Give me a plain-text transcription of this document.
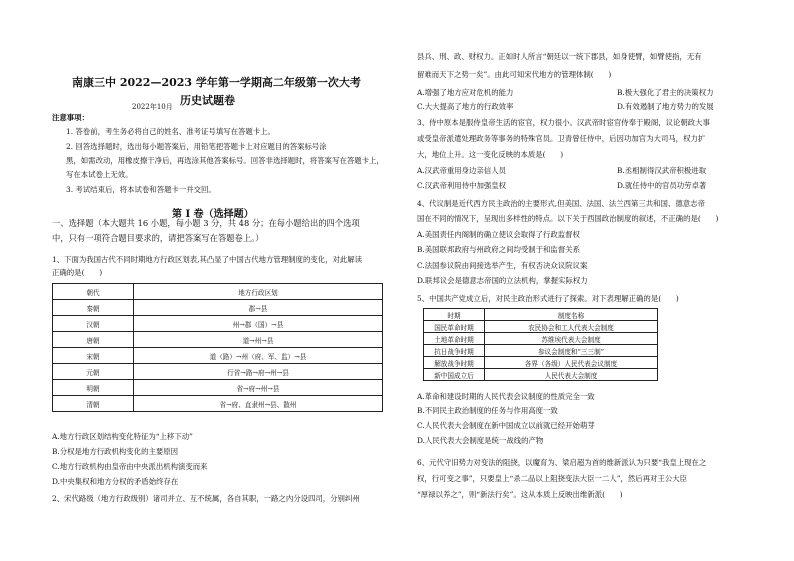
南康三中 2022—2023 学年第一学期高二年级第一次大考
历史试题卷
2022年10月
注意事项：
1. 答卷前，考生务必将自己的姓名、准考证号填写在答题卡上。
2. 回答选择题时，选出每小题答案后，用铅笔把答题卡上对应题目的答案标号涂
黑，如需改动，用橡皮擦干净后，再选涂其他答案标号。回答非选择题时，将答案写在答题卡上，
写在本试卷上无效。
3. 考试结束后，将本试卷和答题卡一并交回。
第 I 卷（选择题）
一、选择题（本大题共 16 小题，每小题 3 分，共 48 分；在每小题给出的四个选项
中，只有一项符合题目要求的，请把答案写在答题卷上。）
1、下面为我国古代不同时期地方行政区划表,其凸显了中国古代地方管理制度的变化，对此解读
正确的是(　　)
朝代	地方行政区划
秦朝	郡→县
汉朝	州→郡（国）→县
唐朝	道→州→县
宋朝	道（路）→州（府、军、监）→县
元朝	行省→路→府→州→县
明朝	省→府→州→县
清朝	省→府、直隶州→县、散州
A.地方行政区划结构变化特征为“上移下动”
B.分权是地方行政机构变化的主要原因
C.地方行政机构由皇帝由中央派出机构演变而来
D.中央集权和地方分权的矛盾始终存在
2、宋代路级（地方行政级别）诸司并立、互不统属，各自其职，一路之内分设四司，分别纠州
县兵、刑、政、财权力。正如时人所言“朝廷以一统下郡县，如身使臂，如臂使指，无有
留难而天下之势一矣”。由此可知宋代地方的管理体制(　　)
A.增强了地方应对危机的能力	B.极大强化了君主的决策权力
C.大大提高了地方的行政效率	D.有效遏制了地方势力的发展
3、侍中原本是服侍皇帝生活的宦官，权力很小。汉武帝时宦官侍奉于殿阁，议论朝政大事
或受皇帝派遣处理政务等事务的特殊官员。卫青曾任侍中，后因功加官为大司马，权力扩
大，地位上升。这一变化反映的本质是(　　)
A.汉武帝重用身边亲信人员	B.丞相制得汉武帝积极进取
C.汉武帝利用侍中加强皇权	D.就任侍中的官员功劳卓著
4、代议制是近代西方民主政治的主要形式,但美国、法国、法兰西第三共和国、德意志帝
国在不同的情况下，呈现出多样性的特点。以下关于西国政治制度的叙述，不正确的是(　　)
A.美国责任内阁制的确立使议会取得了行政监督权
B.美国联邦政府与州政府之间均受制于和监督关系
C.法国参议院由间接选举产生，有权否决众议院议案
D.联邦议会是德意志帝国的立法机构，掌握实际权力
5、中国共产党成立后，对民主政治形式进行了探索。对下表理解正确的是(　　)
时期	制度名称
国民革命时期	农民协会和工人代表大会制度
土地革命时期	苏维埃代表大会制度
抗日战争时期	参议会制度和“三三制”
解放战争时期	各界（各级）人民代表会议制度
新中国成立后	人民代表大会制度
A.革命和建设时期的人民代表会议制度的性质完全一致
B.不同民主政治制度的任务与作用高度一致
C.人民代表大会制度在新中国成立以前就已经开始萌芽
D.人民代表大会制度是统一战线的产物
6、元代守旧势力对变法的阻挠，以魔育为、梁启超为首的维新派认为只要“我皇上现在之
权，行可变之事”，只要皇上“杀二品以上阻挠变法大臣一二人”，然后再对王公大臣
“厚禄以养之”，则“新法行矣”。这从本质上反映出维新派(　　)
